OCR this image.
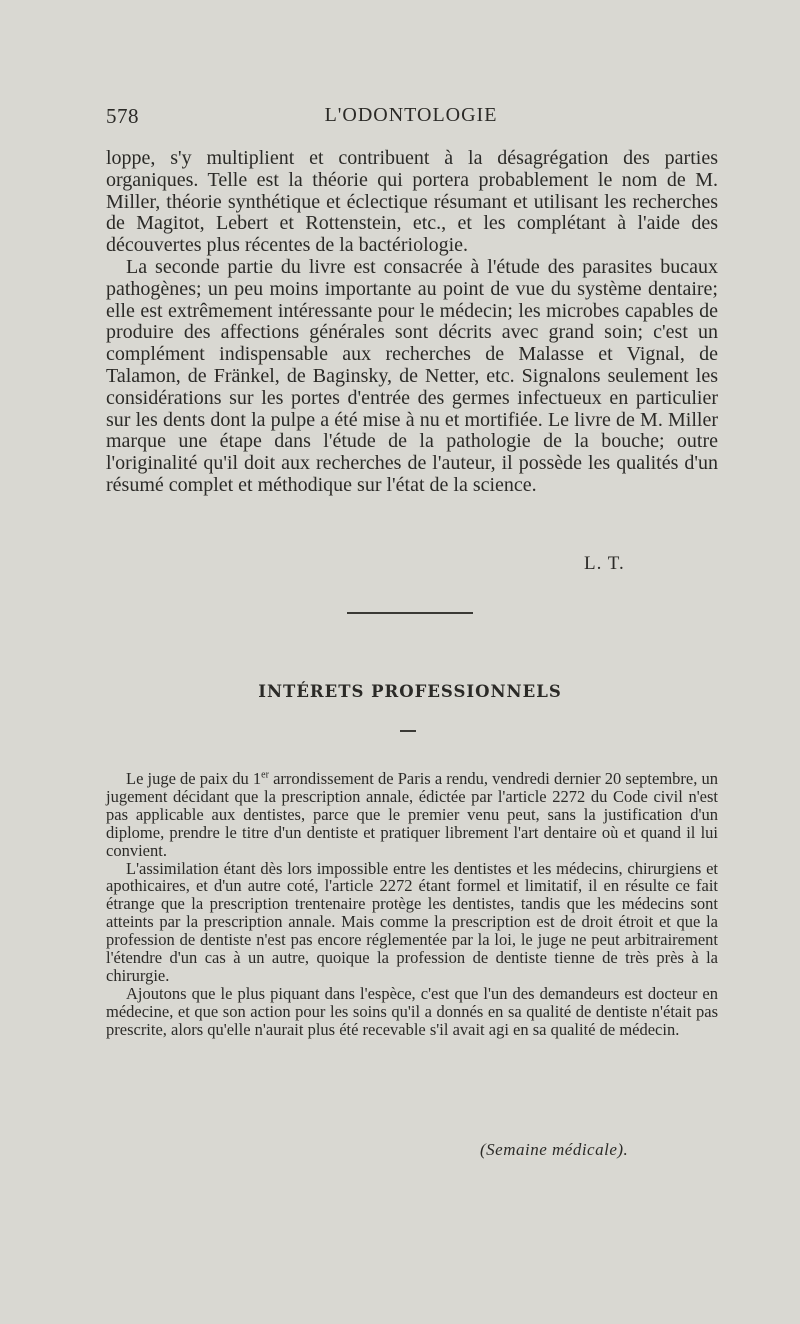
578	L'ODONTOLOGIE

loppe, s'y multiplient et contribuent à la désagrégation des parties organiques. Telle est la théorie qui portera probablement le nom de M. Miller, théorie synthétique et éclectique résumant et utilisant les recherches de Magitot, Lebert et Rottenstein, etc., et les complétant à l'aide des découvertes plus récentes de la bactériologie.

La seconde partie du livre est consacrée à l'étude des parasites bucaux pathogènes; un peu moins importante au point de vue du système dentaire; elle est extrêmement intéressante pour le médecin; les microbes capables de produire des affections générales sont décrits avec grand soin; c'est un complément indispensable aux recherches de Malasse et Vignal, de Talamon, de Fränkel, de Baginsky, de Netter, etc. Signalons seulement les considérations sur les portes d'entrée des germes infectueux en particulier sur les dents dont la pulpe a été mise à nu et mortifiée. Le livre de M. Miller marque une étape dans l'étude de la pathologie de la bouche; outre l'originalité qu'il doit aux recherches de l'auteur, il possède les qualités d'un résumé complet et méthodique sur l'état de la science.

L. T.
INTÉRETS PROFESSIONNELS

Le juge de paix du 1er arrondissement de Paris a rendu, vendredi dernier 20 septembre, un jugement décidant que la prescription annale, édictée par l'article 2272 du Code civil n'est pas applicable aux dentistes, parce que le premier venu peut, sans la justification d'un diplome, prendre le titre d'un dentiste et pratiquer librement l'art dentaire où et quand il lui convient.

L'assimilation étant dès lors impossible entre les dentistes et les médecins, chirurgiens et apothicaires, et d'un autre coté, l'article 2272 étant formel et limitatif, il en résulte ce fait étrange que la prescription trentenaire protège les dentistes, tandis que les médecins sont atteints par la prescription annale. Mais comme la prescription est de droit étroit et que la profession de dentiste n'est pas encore réglementée par la loi, le juge ne peut arbitrairement l'étendre d'un cas à un autre, quoique la profession de dentiste tienne de très près à la chirurgie.

Ajoutons que le plus piquant dans l'espèce, c'est que l'un des demandeurs est docteur en médecine, et que son action pour les soins qu'il a donnés en sa qualité de dentiste n'était pas prescrite, alors qu'elle n'aurait plus été recevable s'il avait agi en sa qualité de médecin.

(Semaine médicale).
